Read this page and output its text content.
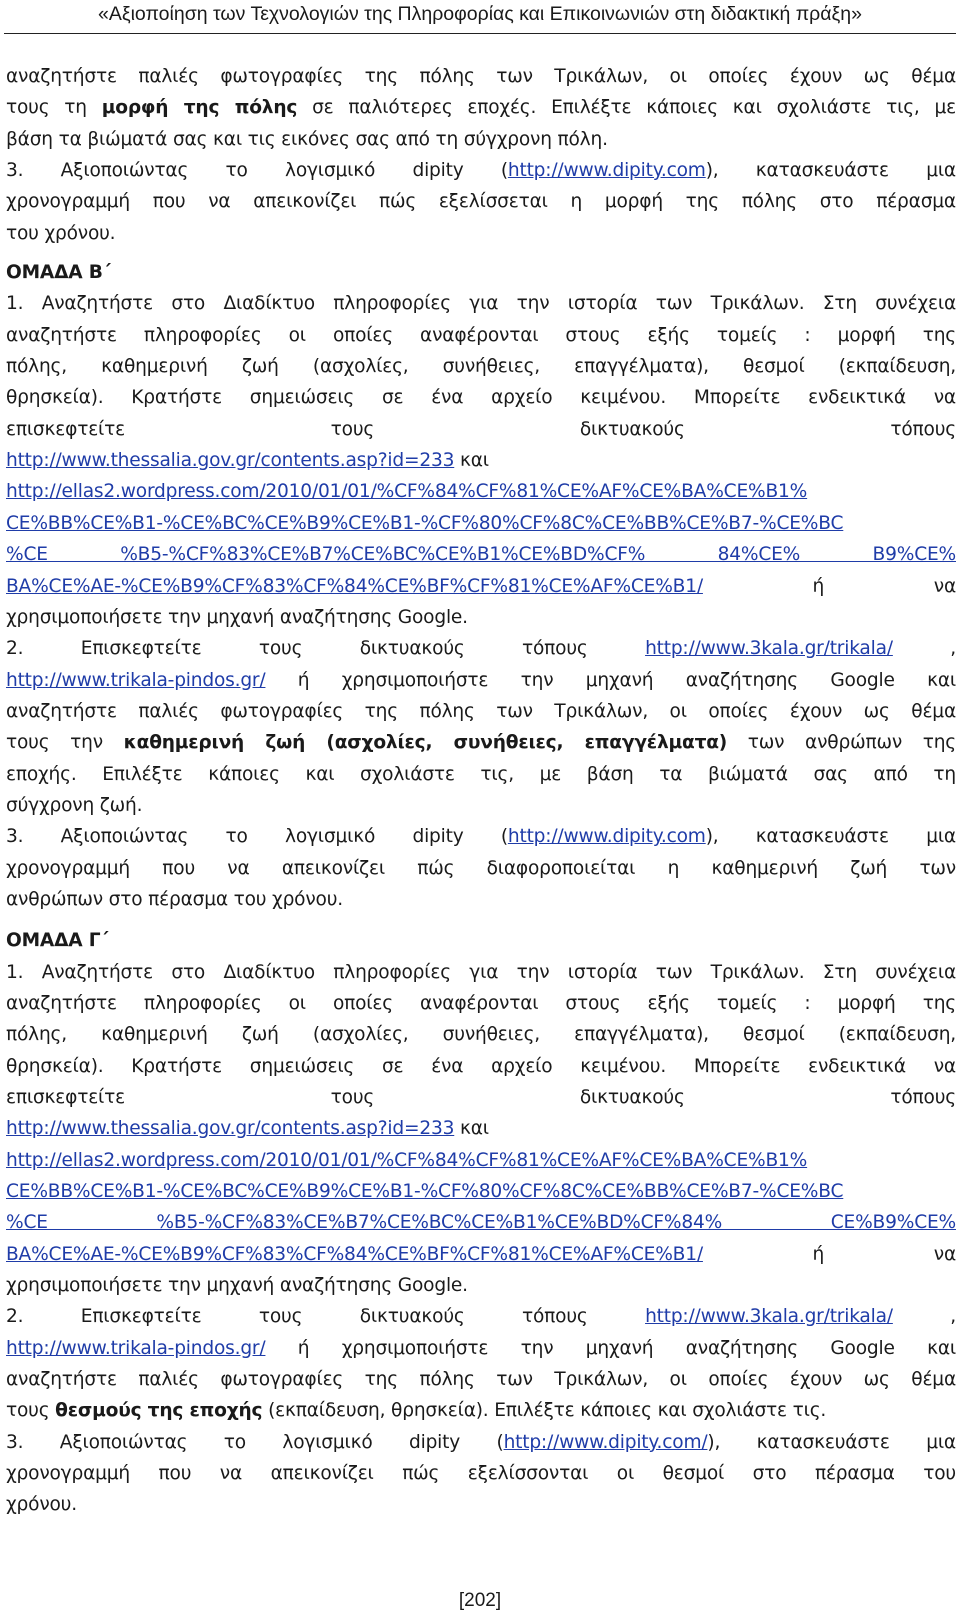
«Αξιοποίηση των Τεχνολογιών της Πληροφορίας και Επικοινωνιών στη διδακτική πράξη»

αναζητήστε παλιές φωτογραφίες της πόλης των Τρικάλων, οι οποίες έχουν ως θέμα

τους τη μορφή της πόλης σε παλιότερες εποχές. Επιλέξτε κάποιες και σχολιάστε τις, με

βάση τα βιώματά σας και τις εικόνες σας από τη σύγχρονη πόλη.

3. Αξιοποιώντας το λογισμικό dipity (http://www.dipity.com), κατασκευάστε μια

χρονογραμμή που να απεικονίζει πώς εξελίσσεται η μορφή της πόλης στο πέρασμα

του χρόνου.

ΟΜΑΔΑ Β΄

1. Αναζητήστε στο Διαδίκτυο πληροφορίες για την ιστορία των Τρικάλων. Στη συνέχεια

αναζητήστε πληροφορίες οι οποίες αναφέρονται στους εξής τομείς : μορφή της

πόλης, καθημερινή ζωή (ασχολίες, συνήθειες, επαγγέλματα), θεσμοί (εκπαίδευση,

θρησκεία). Κρατήστε σημειώσεις σε ένα αρχείο κειμένου. Μπορείτε ενδεικτικά να

επισκεφτείτε τους δικτυακούς τόπους

http://www.thessalia.gov.gr/contents.asp?id=233 και

http://ellas2.wordpress.com/2010/01/01/%CF%84%CF%81%CE%AF%CE%BA%CE%B1%

CE%BB%CE%B1-%CE%BC%CE%B9%CE%B1-%CF%80%CF%8C%CE%BB%CE%B7-%CE%BC

%CE %B5-%CF%83%CE%B7%CE%BC%CE%B1%CE%BD%CF% 84%CE% B9%CE%

BA%CE%AE-%CE%B9%CF%83%CF%84%CE%BF%CF%81%CE%AF%CE%B1/ ή να

χρησιμοποιήσετε την μηχανή αναζήτησης Google.

2. Επισκεφτείτε τους δικτυακούς τόπους http://www.3kala.gr/trikala/ ,

http://www.trikala-pindos.gr/ ή χρησιμοποιήστε την μηχανή αναζήτησης Google και

αναζητήστε παλιές φωτογραφίες της πόλης των Τρικάλων, οι οποίες έχουν ως θέμα

τους την καθημερινή ζωή (ασχολίες, συνήθειες, επαγγέλματα) των ανθρώπων της

εποχής. Επιλέξτε κάποιες και σχολιάστε τις, με βάση τα βιώματά σας από τη

σύγχρονη ζωή.

3. Αξιοποιώντας το λογισμικό dipity (http://www.dipity.com), κατασκευάστε μια

χρονογραμμή που να απεικονίζει πώς διαφοροποιείται η καθημερινή ζωή των

ανθρώπων στο πέρασμα του χρόνου.

ΟΜΑΔΑ Γ΄

1. Αναζητήστε στο Διαδίκτυο πληροφορίες για την ιστορία των Τρικάλων. Στη συνέχεια

αναζητήστε πληροφορίες οι οποίες αναφέρονται στους εξής τομείς : μορφή της

πόλης, καθημερινή ζωή (ασχολίες, συνήθειες, επαγγέλματα), θεσμοί (εκπαίδευση,

θρησκεία). Κρατήστε σημειώσεις σε ένα αρχείο κειμένου. Μπορείτε ενδεικτικά να

επισκεφτείτε τους δικτυακούς τόπους

http://www.thessalia.gov.gr/contents.asp?id=233 και

http://ellas2.wordpress.com/2010/01/01/%CF%84%CF%81%CE%AF%CE%BA%CE%B1%

CE%BB%CE%B1-%CE%BC%CE%B9%CE%B1-%CF%80%CF%8C%CE%BB%CE%B7-%CE%BC

%CE %B5-%CF%83%CE%B7%CE%BC%CE%B1%CE%BD%CF%84% CE%B9%CE%

BA%CE%AE-%CE%B9%CF%83%CF%84%CE%BF%CF%81%CE%AF%CE%B1/ ή να

χρησιμοποιήσετε την μηχανή αναζήτησης Google.

2. Επισκεφτείτε τους δικτυακούς τόπους http://www.3kala.gr/trikala/ ,

http://www.trikala-pindos.gr/ ή χρησιμοποιήστε την μηχανή αναζήτησης Google και

αναζητήστε παλιές φωτογραφίες της πόλης των Τρικάλων, οι οποίες έχουν ως θέμα

τους θεσμούς της εποχής (εκπαίδευση, θρησκεία). Επιλέξτε κάποιες και σχολιάστε τις.

3. Αξιοποιώντας το λογισμικό dipity (http://www.dipity.com/), κατασκευάστε μια

χρονογραμμή που να απεικονίζει πώς εξελίσσονται οι θεσμοί στο πέρασμα του

χρόνου.

[202]
